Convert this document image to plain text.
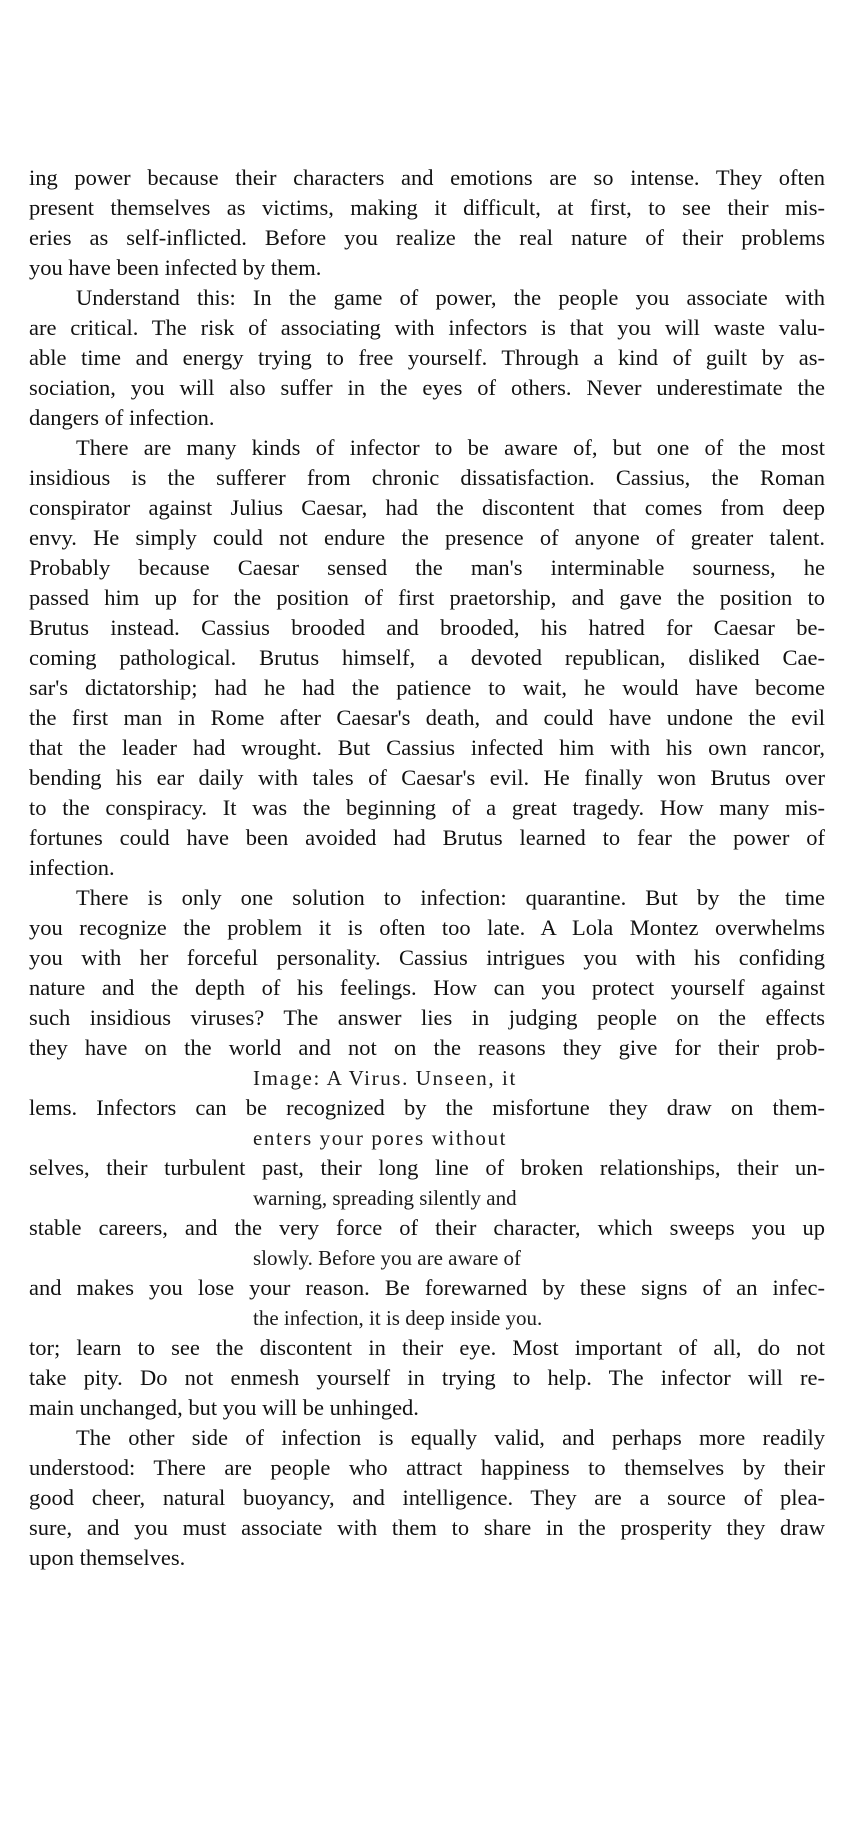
ing power because their characters and emotions are so intense. They often
present themselves as victims, making it difficult, at first, to see their mis-
eries as self-inflicted. Before you realize the real nature of their problems
you have been infected by them.
Understand this: In the game of power, the people you associate with
are critical. The risk of associating with infectors is that you will waste valu-
able time and energy trying to free yourself. Through a kind of guilt by as-
sociation, you will also suffer in the eyes of others. Never underestimate the
dangers of infection.
There are many kinds of infector to be aware of, but one of the most
insidious is the sufferer from chronic dissatisfaction. Cassius, the Roman
conspirator against Julius Caesar, had the discontent that comes from deep
envy. He simply could not endure the presence of anyone of greater talent.
Probably because Caesar sensed the man's interminable sourness, he
passed him up for the position of first praetorship, and gave the position to
Brutus instead. Cassius brooded and brooded, his hatred for Caesar be-
coming pathological. Brutus himself, a devoted republican, disliked Cae-
sar's dictatorship; had he had the patience to wait, he would have become
the first man in Rome after Caesar's death, and could have undone the evil
that the leader had wrought. But Cassius infected him with his own rancor,
bending his ear daily with tales of Caesar's evil. He finally won Brutus over
to the conspiracy. It was the beginning of a great tragedy. How many mis-
fortunes could have been avoided had Brutus learned to fear the power of
infection.
There is only one solution to infection: quarantine. But by the time
you recognize the problem it is often too late. A Lola Montez overwhelms
you with her forceful personality. Cassius intrigues you with his confiding
nature and the depth of his feelings. How can you protect yourself against
such insidious viruses? The answer lies in judging people on the effects
they have on the world and not on the reasons they give for their prob-
Image: A Virus. Unseen, it
lems. Infectors can be recognized by the misfortune they draw on them-
enters your pores without
selves, their turbulent past, their long line of broken relationships, their un-
warning, spreading silently and
stable careers, and the very force of their character, which sweeps you up
slowly. Before you are aware of
and makes you lose your reason. Be forewarned by these signs of an infec-
the infection, it is deep inside you.
tor; learn to see the discontent in their eye. Most important of all, do not
take pity. Do not enmesh yourself in trying to help. The infector will re-
main unchanged, but you will be unhinged.
The other side of infection is equally valid, and perhaps more readily
understood: There are people who attract happiness to themselves by their
good cheer, natural buoyancy, and intelligence. They are a source of plea-
sure, and you must associate with them to share in the prosperity they draw
upon themselves.
